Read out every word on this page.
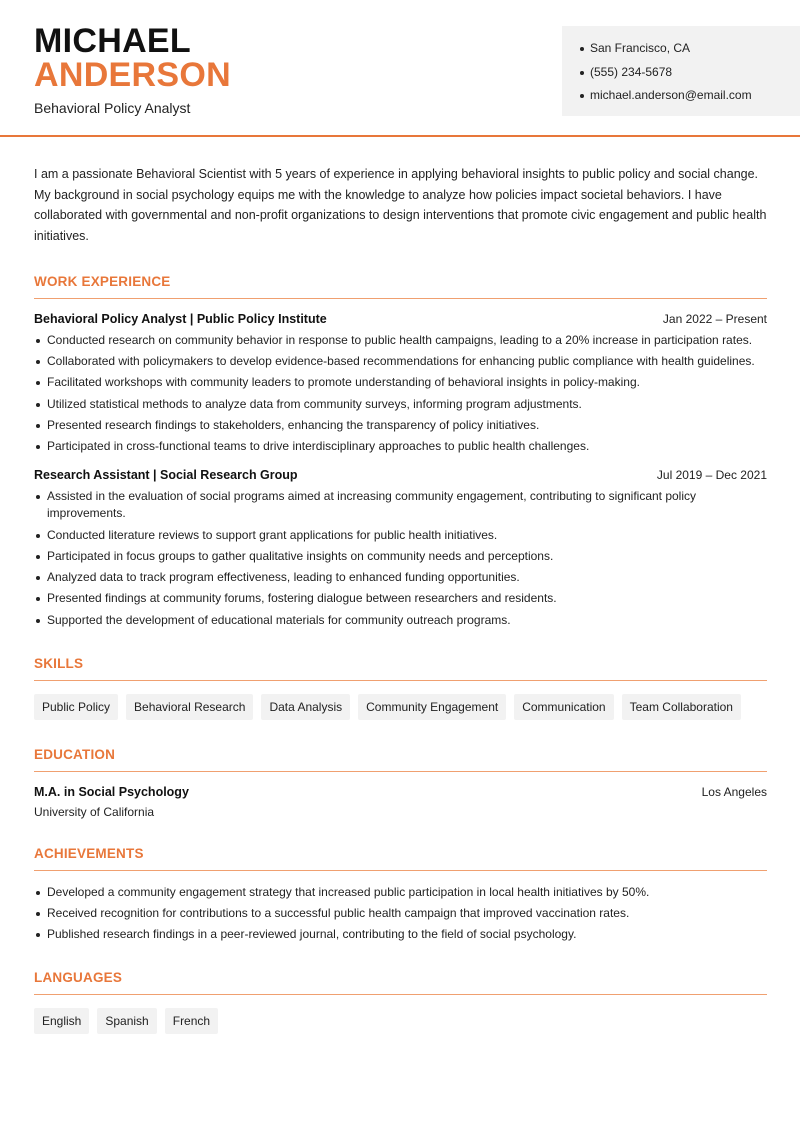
MICHAEL
ANDERSON
Behavioral Policy Analyst
San Francisco, CA
(555) 234-5678
michael.anderson@email.com

I am a passionate Behavioral Scientist with 5 years of experience in applying behavioral insights to public policy and social change. My background in social psychology equips me with the knowledge to analyze how policies impact societal behaviors. I have collaborated with governmental and non-profit organizations to design interventions that promote civic engagement and public health initiatives.

WORK EXPERIENCE
Behavioral Policy Analyst | Public Policy Institute	Jan 2022 – Present
Conducted research on community behavior in response to public health campaigns, leading to a 20% increase in participation rates.
Collaborated with policymakers to develop evidence-based recommendations for enhancing public compliance with health guidelines.
Facilitated workshops with community leaders to promote understanding of behavioral insights in policy-making.
Utilized statistical methods to analyze data from community surveys, informing program adjustments.
Presented research findings to stakeholders, enhancing the transparency of policy initiatives.
Participated in cross-functional teams to drive interdisciplinary approaches to public health challenges.
Research Assistant | Social Research Group	Jul 2019 – Dec 2021
Assisted in the evaluation of social programs aimed at increasing community engagement, contributing to significant policy improvements.
Conducted literature reviews to support grant applications for public health initiatives.
Participated in focus groups to gather qualitative insights on community needs and perceptions.
Analyzed data to track program effectiveness, leading to enhanced funding opportunities.
Presented findings at community forums, fostering dialogue between researchers and residents.
Supported the development of educational materials for community outreach programs.
SKILLS
Public Policy	Behavioral Research	Data Analysis	Community Engagement	Communication	Team Collaboration
EDUCATION
M.A. in Social Psychology	Los Angeles
University of California
ACHIEVEMENTS
Developed a community engagement strategy that increased public participation in local health initiatives by 50%.
Received recognition for contributions to a successful public health campaign that improved vaccination rates.
Published research findings in a peer-reviewed journal, contributing to the field of social psychology.
LANGUAGES
English	Spanish	French
